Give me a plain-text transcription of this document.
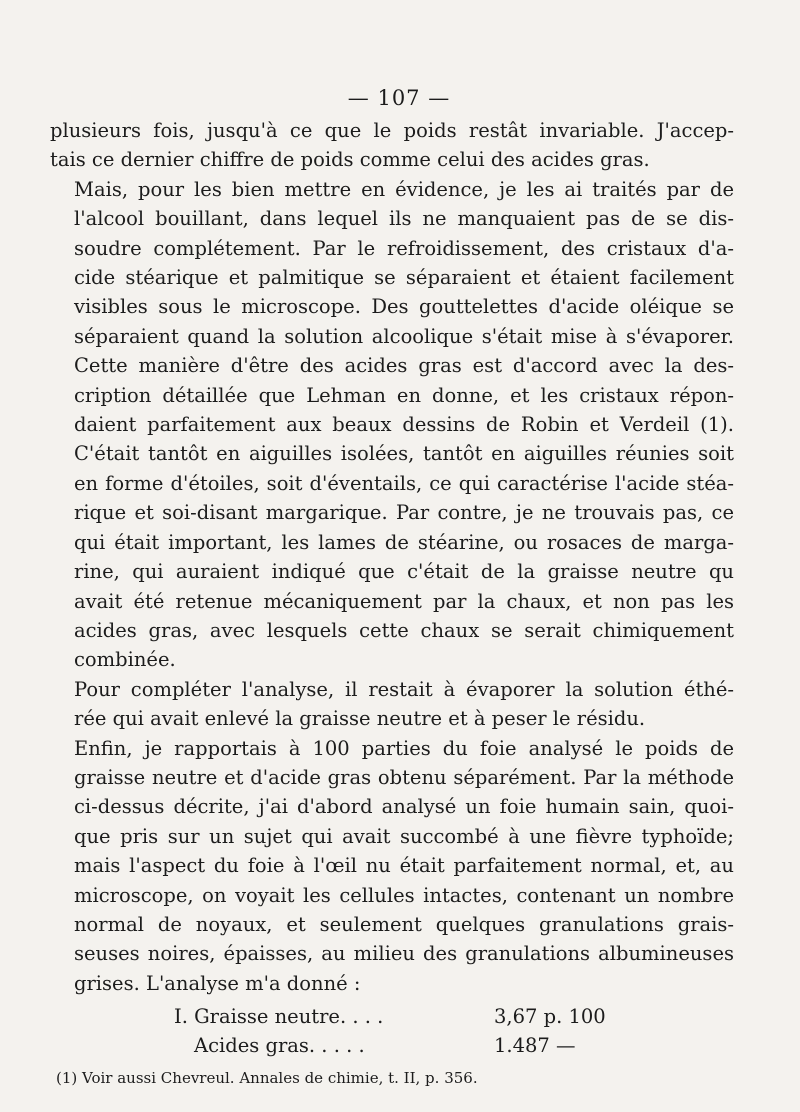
— 107 —

plusieurs fois, jusqu'à ce que le poids restât invariable. J'accep-
tais ce dernier chiffre de poids comme celui des acides gras.

Mais, pour les bien mettre en évidence, je les ai traités par de
l'alcool bouillant, dans lequel ils ne manquaient pas de se dis-
soudre complétement. Par le refroidissement, des cristaux d'a-
cide stéarique et palmitique se séparaient et étaient facilement
visibles sous le microscope. Des gouttelettes d'acide oléique se
séparaient quand la solution alcoolique s'était mise à s'évaporer.

Cette manière d'être des acides gras est d'accord avec la des-
cription détaillée que Lehman en donne, et les cristaux répon-
daient parfaitement aux beaux dessins de Robin et Verdeil (1).
C'était tantôt en aiguilles isolées, tantôt en aiguilles réunies soit
en forme d'étoiles, soit d'éventails, ce qui caractérise l'acide stéa-
rique et soi-disant margarique. Par contre, je ne trouvais pas, ce
qui était important, les lames de stéarine, ou rosaces de marga-
rine, qui auraient indiqué que c'était de la graisse neutre qu
avait été retenue mécaniquement par la chaux, et non pas les
acides gras, avec lesquels cette chaux se serait chimiquement
combinée.

Pour compléter l'analyse, il restait à évaporer la solution éthé-
rée qui avait enlevé la graisse neutre et à peser le résidu.

Enfin, je rapportais à 100 parties du foie analysé le poids de
graisse neutre et d'acide gras obtenu séparément. Par la méthode
ci-dessus décrite, j'ai d'abord analysé un foie humain sain, quoi-
que pris sur un sujet qui avait succombé à une fièvre typhoïde;
mais l'aspect du foie à l'œil nu était parfaitement normal, et, au
microscope, on voyait les cellules intactes, contenant un nombre
normal de noyaux, et seulement quelques granulations grais-
seuses noires, épaisses, au milieu des granulations albumineuses
grises. L'analyse m'a donné :

I. Graisse neutre. . . .	3,67 p. 100
Acides gras. . . . .	1.487 —
(1) Voir aussi Chevreul. Annales de chimie, t. II, p. 356.
